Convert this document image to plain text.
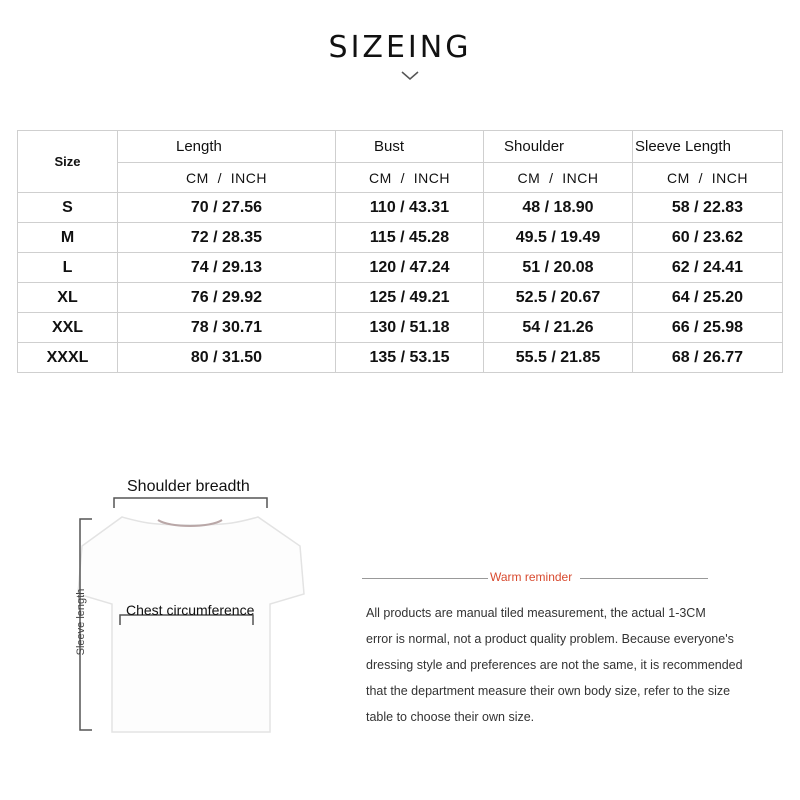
SIZEING
Size	Length	Bust	Shoulder	Sleeve Length
	CM  /  INCH	CM  /  INCH	CM  /  INCH	CM  /  INCH
S	70 / 27.56	110 / 43.31	48 / 18.90	58 / 22.83
M	72 / 28.35	115 / 45.28	49.5 / 19.49	60 / 23.62
L	74 / 29.13	120 / 47.24	51 / 20.08	62 / 24.41
XL	76 / 29.92	125 / 49.21	52.5 / 20.67	64 / 25.20
XXL	78 / 30.71	130 / 51.18	54 / 21.26	66 / 25.98
XXXL	80 / 31.50	135 / 53.15	55.5 / 21.85	68 / 26.77
Shoulder breadth
Chest circumference
Sleeve length
Warm reminder
All products are manual tiled measurement, the actual 1-3CM
error is normal, not a product quality problem. Because everyone's
dressing style and preferences are not the same, it is recommended
that the department measure their own body size, refer to the size
table to choose their own size.
